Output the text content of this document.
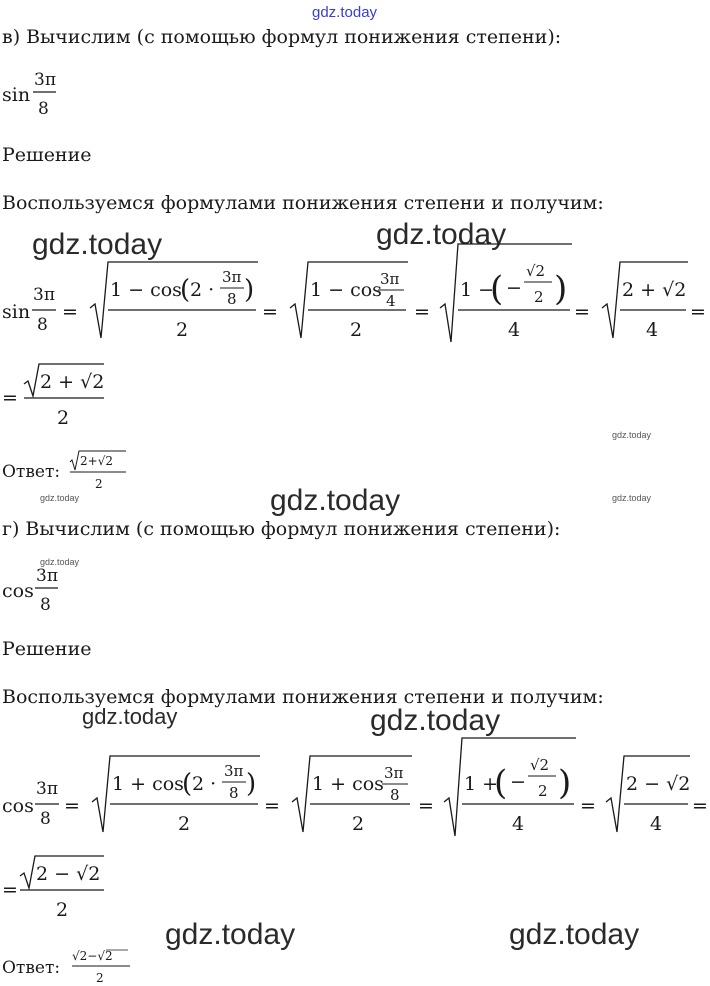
gdz.today
gdz.today	gdz.today
gdz.today
gdz.today
gdz.today	gdz.today
gdz.today
gdz.today	gdz.today
gdz.today	gdz.today
в) Вычислим (с помощью формул понижения степени):
sin
3π
8
Решение
Воспользуемся формулами понижения степени и получим:
sin
3π
8
=
1 − cos
( 2 ·
3π
8 )
2
=
1 − cos
3π
4
2
=
1 −
( −
√2
2 )
4
=
2 + √2
4
=
=
2 + √2
2
Ответ:
2+√2
2
г) Вычислим (с помощью формул понижения степени):
cos
3π
8
Решение
Воспользуемся формулами понижения степени и получим:
cos
3π
8
=
1 + cos
( 2 ·
3π
8 )
2
=
1 + cos 3π
8
2
=
1 +
( −
√2
2 )
4
=
2 − √2
4
=
=
2 − √2
2
Ответ:
√2−√2
2
